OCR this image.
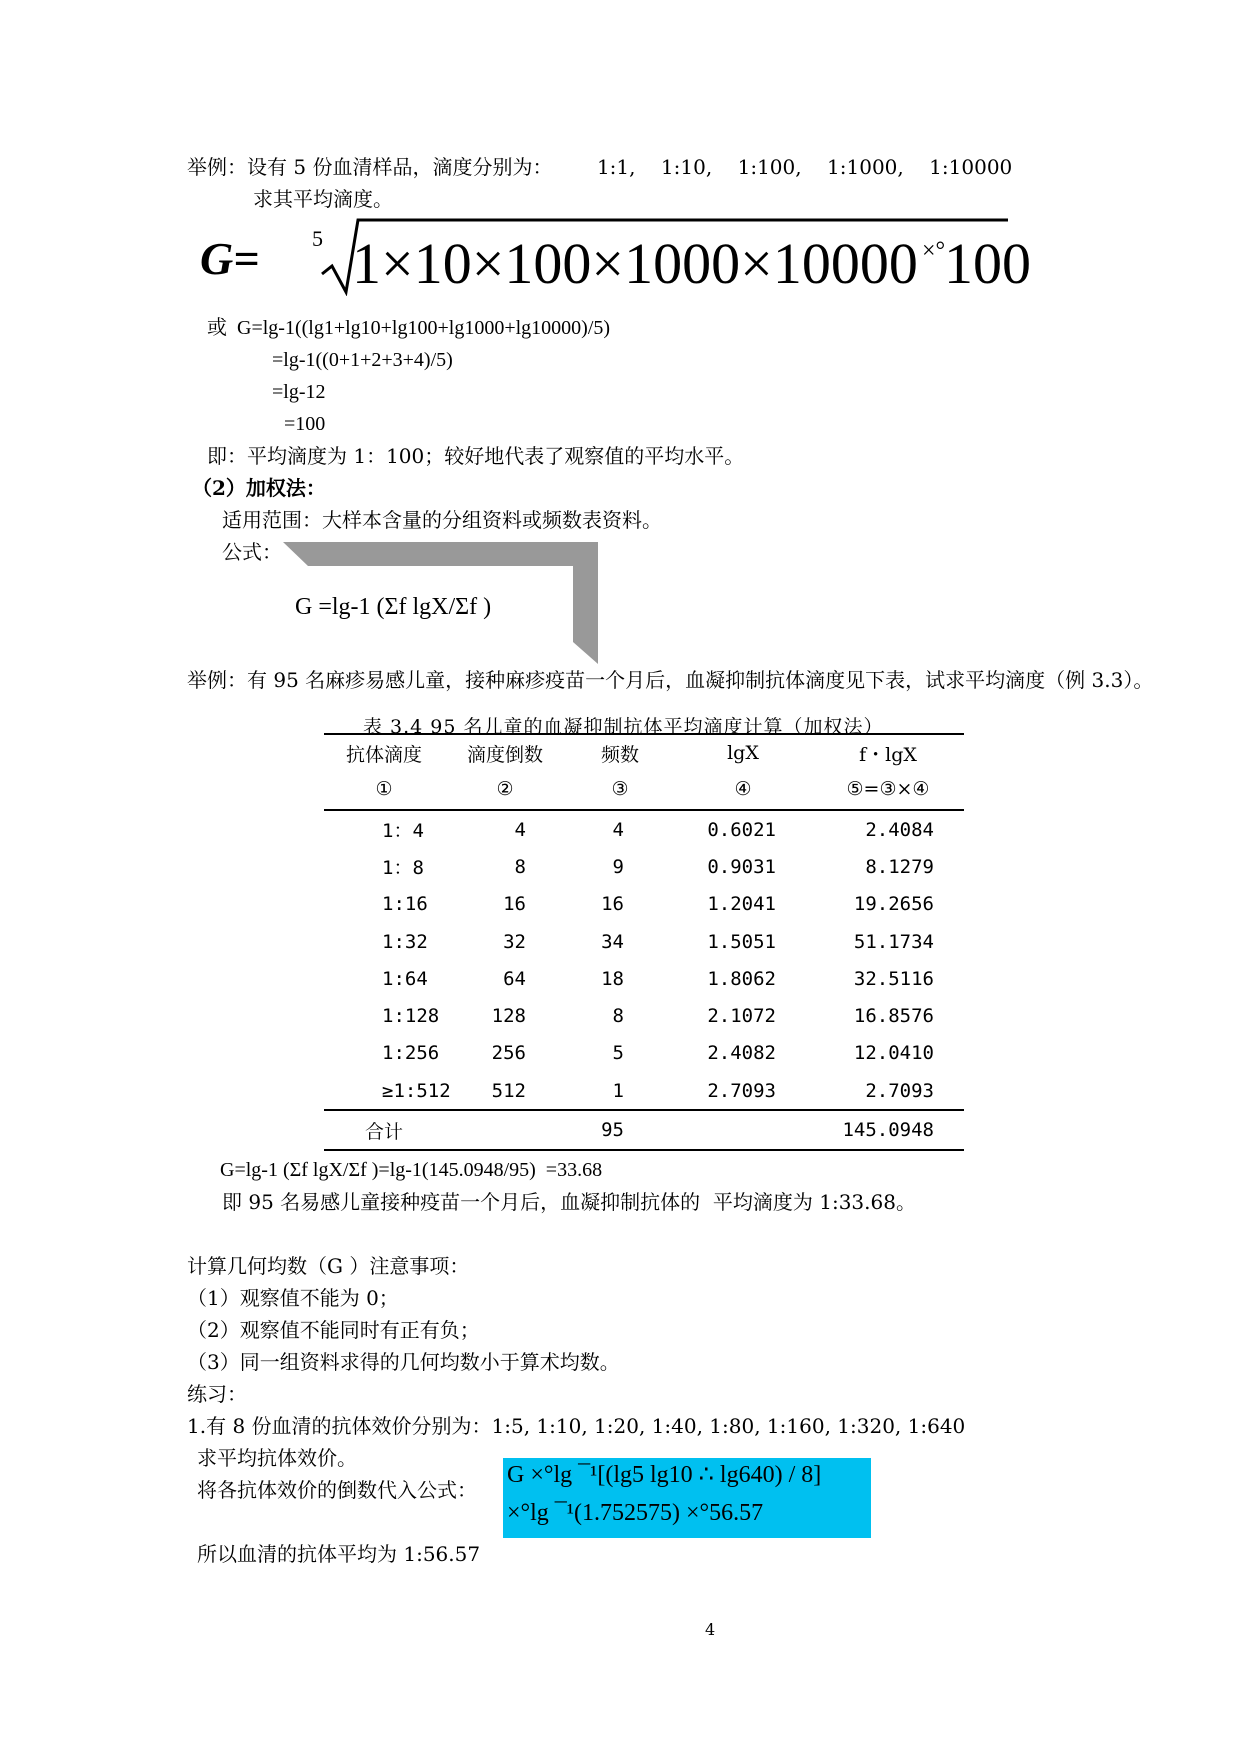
举例：设有 5 份血清样品，滴度分别为：       1:1,    1:10,    1:100,    1:1000,    1:10000
求其平均滴度。
G= 5 1×10×100×1000×10000 ×°
100
或  G=lg-1((lg1+lg10+lg100+lg1000+lg10000)/5)
=lg-1((0+1+2+3+4)/5)
=lg-12
=100
即：平均滴度为 1：100；较好地代表了观察值的平均水平。
（2）加权法：
适用范围：大样本含量的分组资料或频数表资料。
公式：
G =lg-1 (Σf lgX/Σf )
举例：有 95 名麻疹易感儿童，接种麻疹疫苗一个月后，血凝抑制抗体滴度见下表，试求平均滴度（例 3.3）。
表 3.4 95 名儿童的血凝抑制抗体平均滴度计算（加权法）
抗体滴度	滴度倒数	频数	lgX	f・lgX
①	②	③	④	⑤=③×④
1：4	4	4	0.6021	2.4084
1：8	8	9	0.9031	8.1279
1:16	16	16	1.2041	19.2656
1:32	32	34	1.5051	51.1734
1:64	64	18	1.8062	32.5116
1:128	128	8	2.1072	16.8576
1:256	256	5	2.4082	12.0410
≥1:512	512	1	2.7093	2.7093
合计		95		145.0948
G=lg-1 (Σf lgX/Σf )=lg-1(145.0948/95)  =33.68
即 95 名易感儿童接种疫苗一个月后，血凝抑制抗体的  平均滴度为 1:33.68。
计算几何均数（G ）注意事项：
（1）观察值不能为 0；
（2）观察值不能同时有正有负；
（3）同一组资料求得的几何均数小于算术均数。
练习：
1.有 8 份血清的抗体效价分别为：1:5, 1:10, 1:20, 1:40, 1:80, 1:160, 1:320, 1:640
求平均抗体效价。
将各抗体效价的倒数代入公式：
G ×°lg ¯¹[(lg5 lg10 ∴ lg640) / 8]
×°lg ¯¹(1.752575) ×°56.57
所以血清的抗体平均为 1:56.57
4
